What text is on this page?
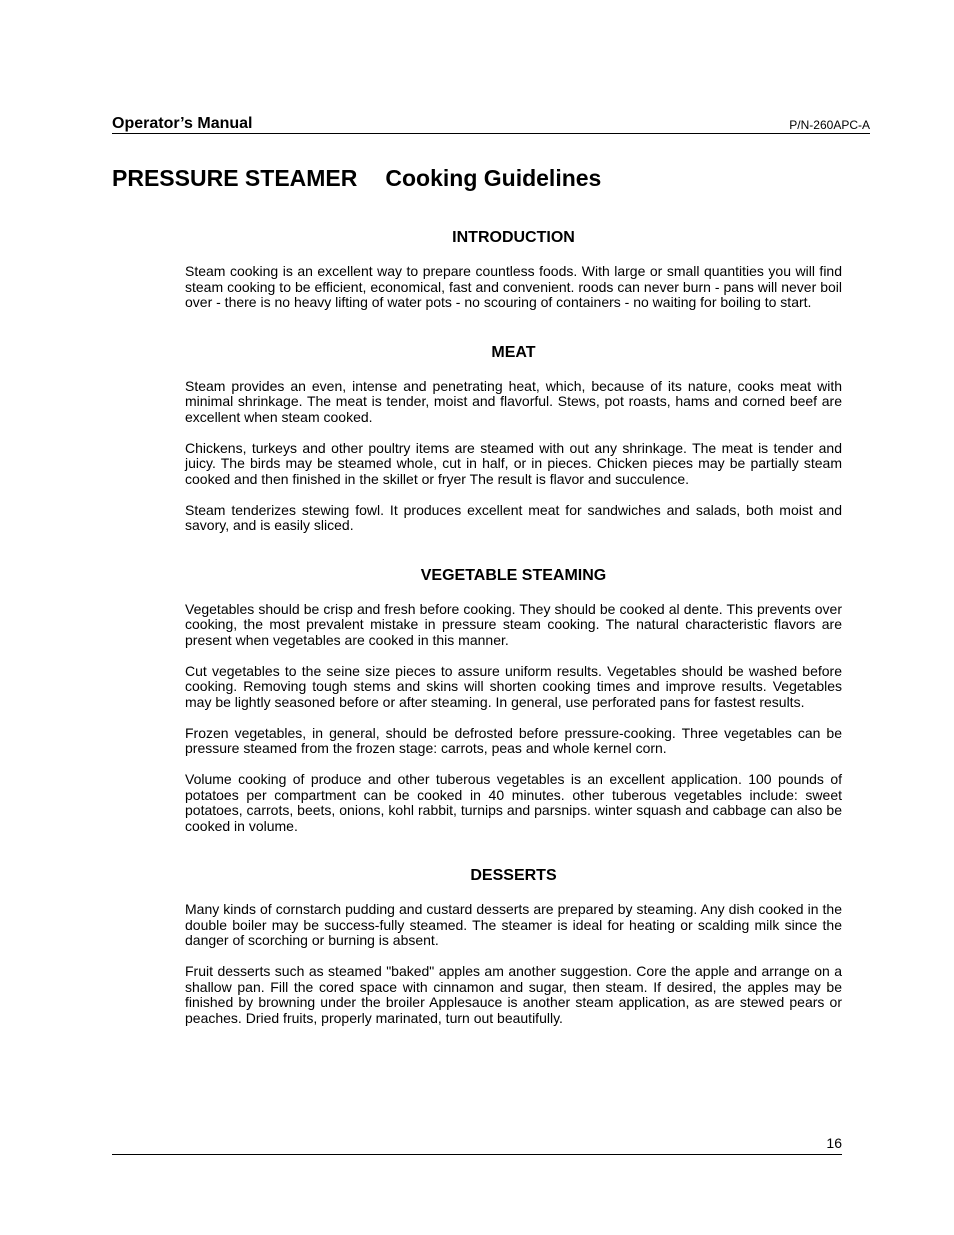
Operator’s Manual	P/N-260APC-A
PRESSURE STEAMER Cooking Guidelines
INTRODUCTION

Steam cooking is an excellent way to prepare countless foods. With large or small quantities you will find steam cooking to be efficient, economical, fast and convenient. roods can never burn - pans will never boil over - there is no heavy lifting of water pots - no scouring of containers - no waiting for boiling to start.

MEAT

Steam provides an even, intense and penetrating heat, which, because of its nature, cooks meat with minimal shrinkage. The meat is tender, moist and flavorful. Stews, pot roasts, hams and corned beef are excellent when steam cooked.

Chickens, turkeys and other poultry items are steamed with out any shrinkage. The meat is tender and juicy. The birds may be steamed whole, cut in half, or in pieces. Chicken pieces may be partially steam cooked and then finished in the skillet or fryer The result is flavor and succulence.

Steam tenderizes stewing fowl. It produces excellent meat for sandwiches and salads, both moist and savory, and is easily sliced.

VEGETABLE STEAMING

Vegetables should be crisp and fresh before cooking. They should be cooked al dente. This prevents over cooking, the most prevalent mistake in pressure steam cooking. The natural characteristic flavors are present when vegetables are cooked in this manner.

Cut vegetables to the seine size pieces to assure uniform results. Vegetables should be washed before cooking. Removing tough stems and skins will shorten cooking times and improve results. Vegetables may be lightly seasoned before or after steaming. In general, use perforated pans for fastest results.

Frozen vegetables, in general, should be defrosted before pressure-cooking. Three vegetables can be pressure steamed from the frozen stage: carrots, peas and whole kernel corn.

Volume cooking of produce and other tuberous vegetables is an excellent application. 100 pounds of potatoes per compartment can be cooked in 40 minutes. other tuberous vegetables include: sweet potatoes, carrots, beets, onions, kohl rabbit, turnips and parsnips. winter squash and cabbage can also be cooked in volume.

DESSERTS

Many kinds of cornstarch pudding and custard desserts are prepared by steaming. Any dish cooked in the double boiler may be success-fully steamed. The steamer is ideal for heating or scalding milk since the danger of scorching or burning is absent.

Fruit desserts such as steamed "baked" apples am another suggestion. Core the apple and arrange on a shallow pan. Fill the cored space with cinnamon and sugar, then steam. If desired, the apples may be finished by browning under the broiler Applesauce is another steam application, as are stewed pears or peaches. Dried fruits, properly marinated, turn out beautifully.

16
